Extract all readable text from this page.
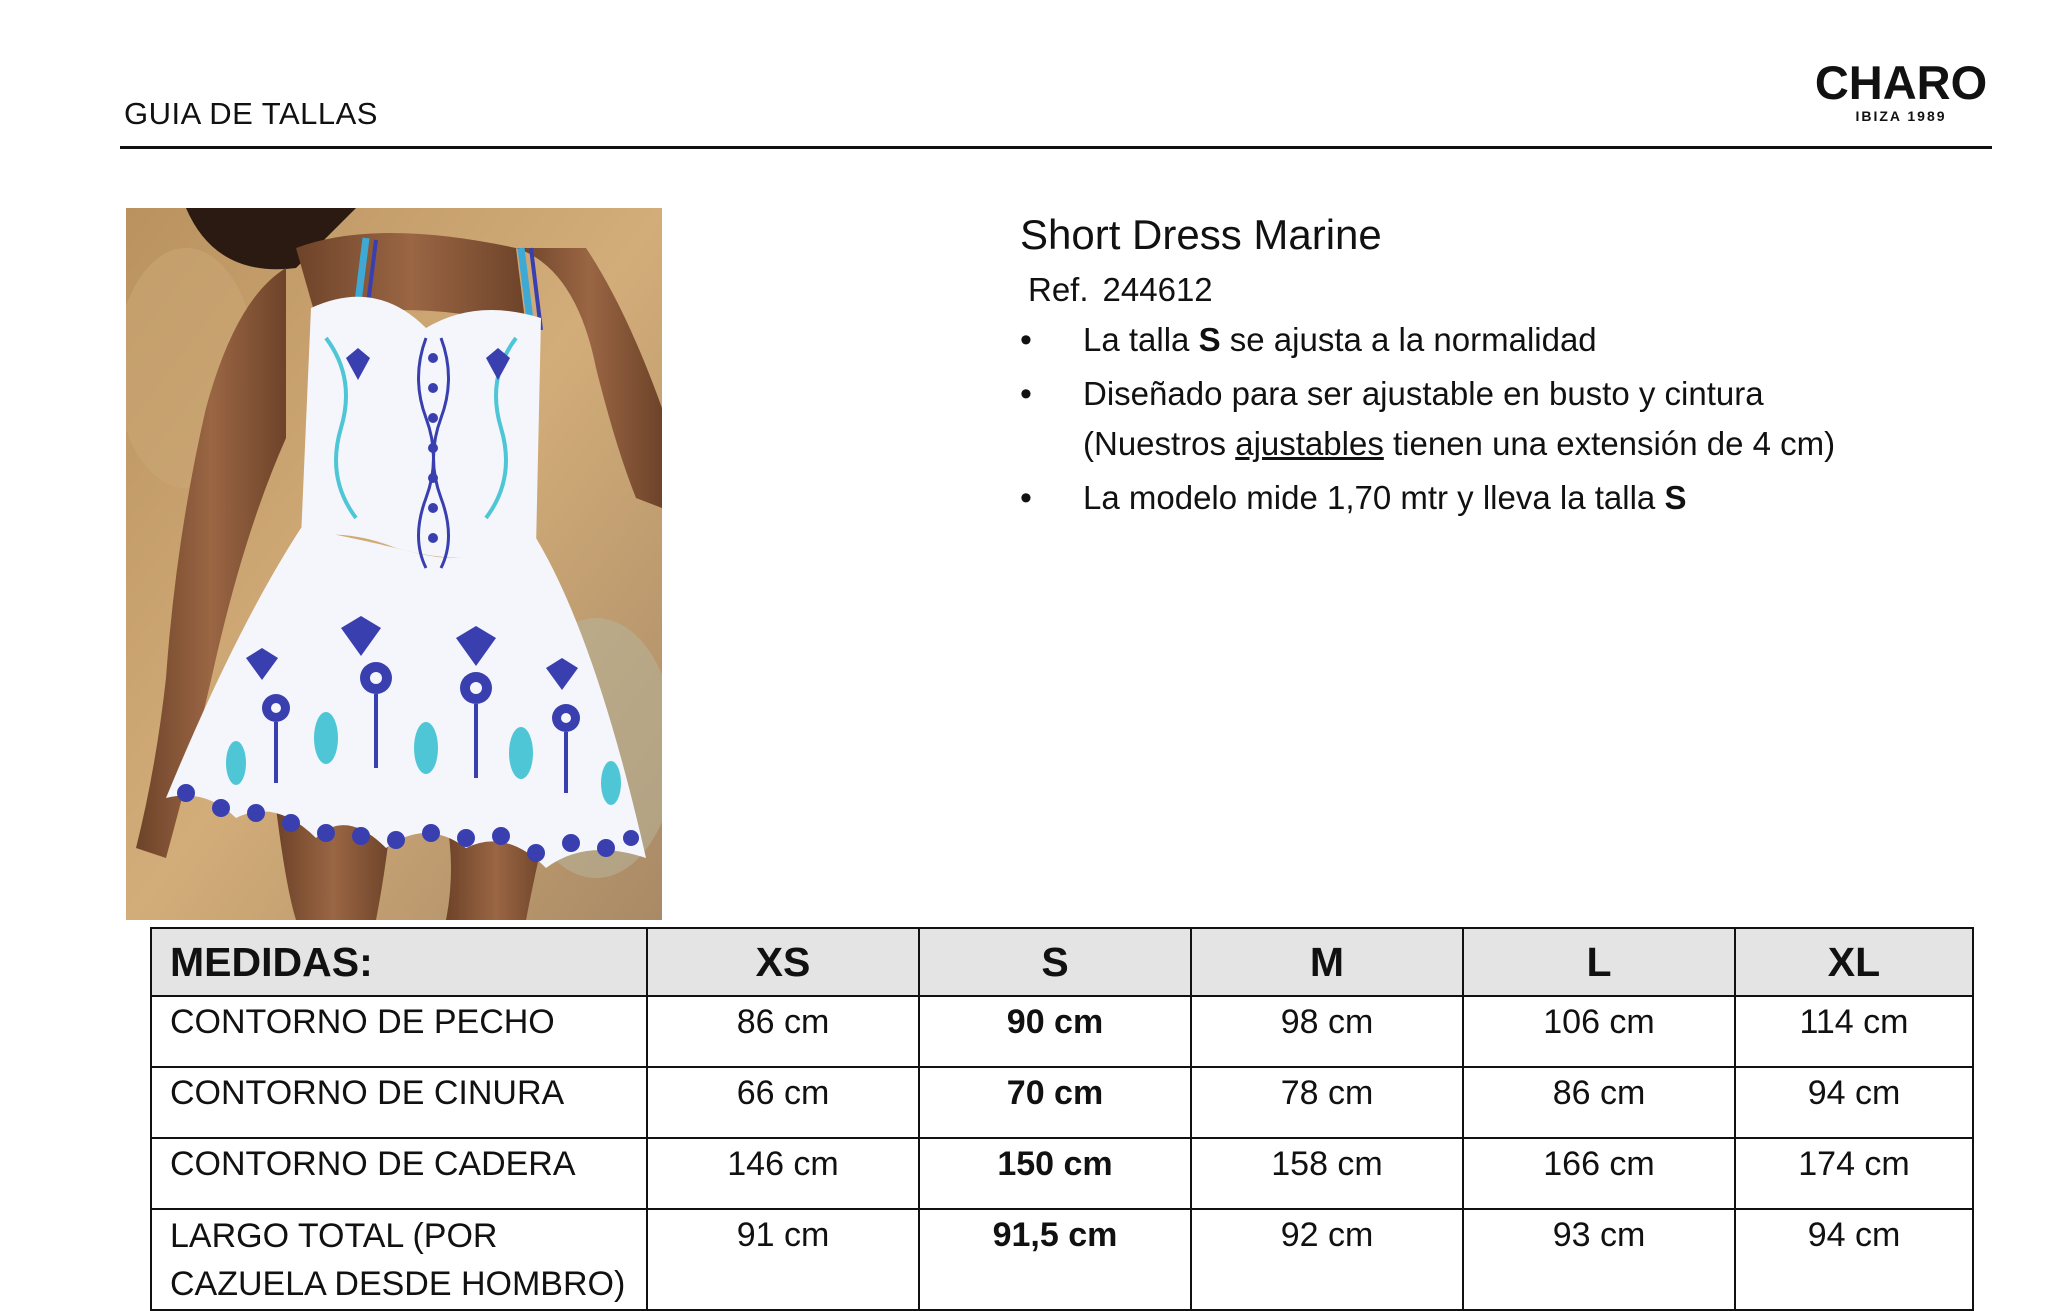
GUIA DE TALLAS
CHARO
IBIZA 1989
Short Dress Marine
Ref. 244612
• La talla S se ajusta a la normalidad
• Diseñado para ser ajustable en busto y cintura
(Nuestros ajustables tienen una extensión de 4 cm)
• La modelo mide 1,70 mtr y lleva la talla S
MEDIDAS:	XS	S	M	L	XL
CONTORNO DE PECHO	86 cm	90 cm	98 cm	106 cm	114 cm
CONTORNO DE CINURA	66 cm	70 cm	78 cm	86 cm	94 cm
CONTORNO DE CADERA	146 cm	150 cm	158 cm	166 cm	174 cm
LARGO TOTAL (POR
CAZUELA DESDE HOMBRO)	91 cm	91,5 cm	92 cm	93 cm	94 cm
